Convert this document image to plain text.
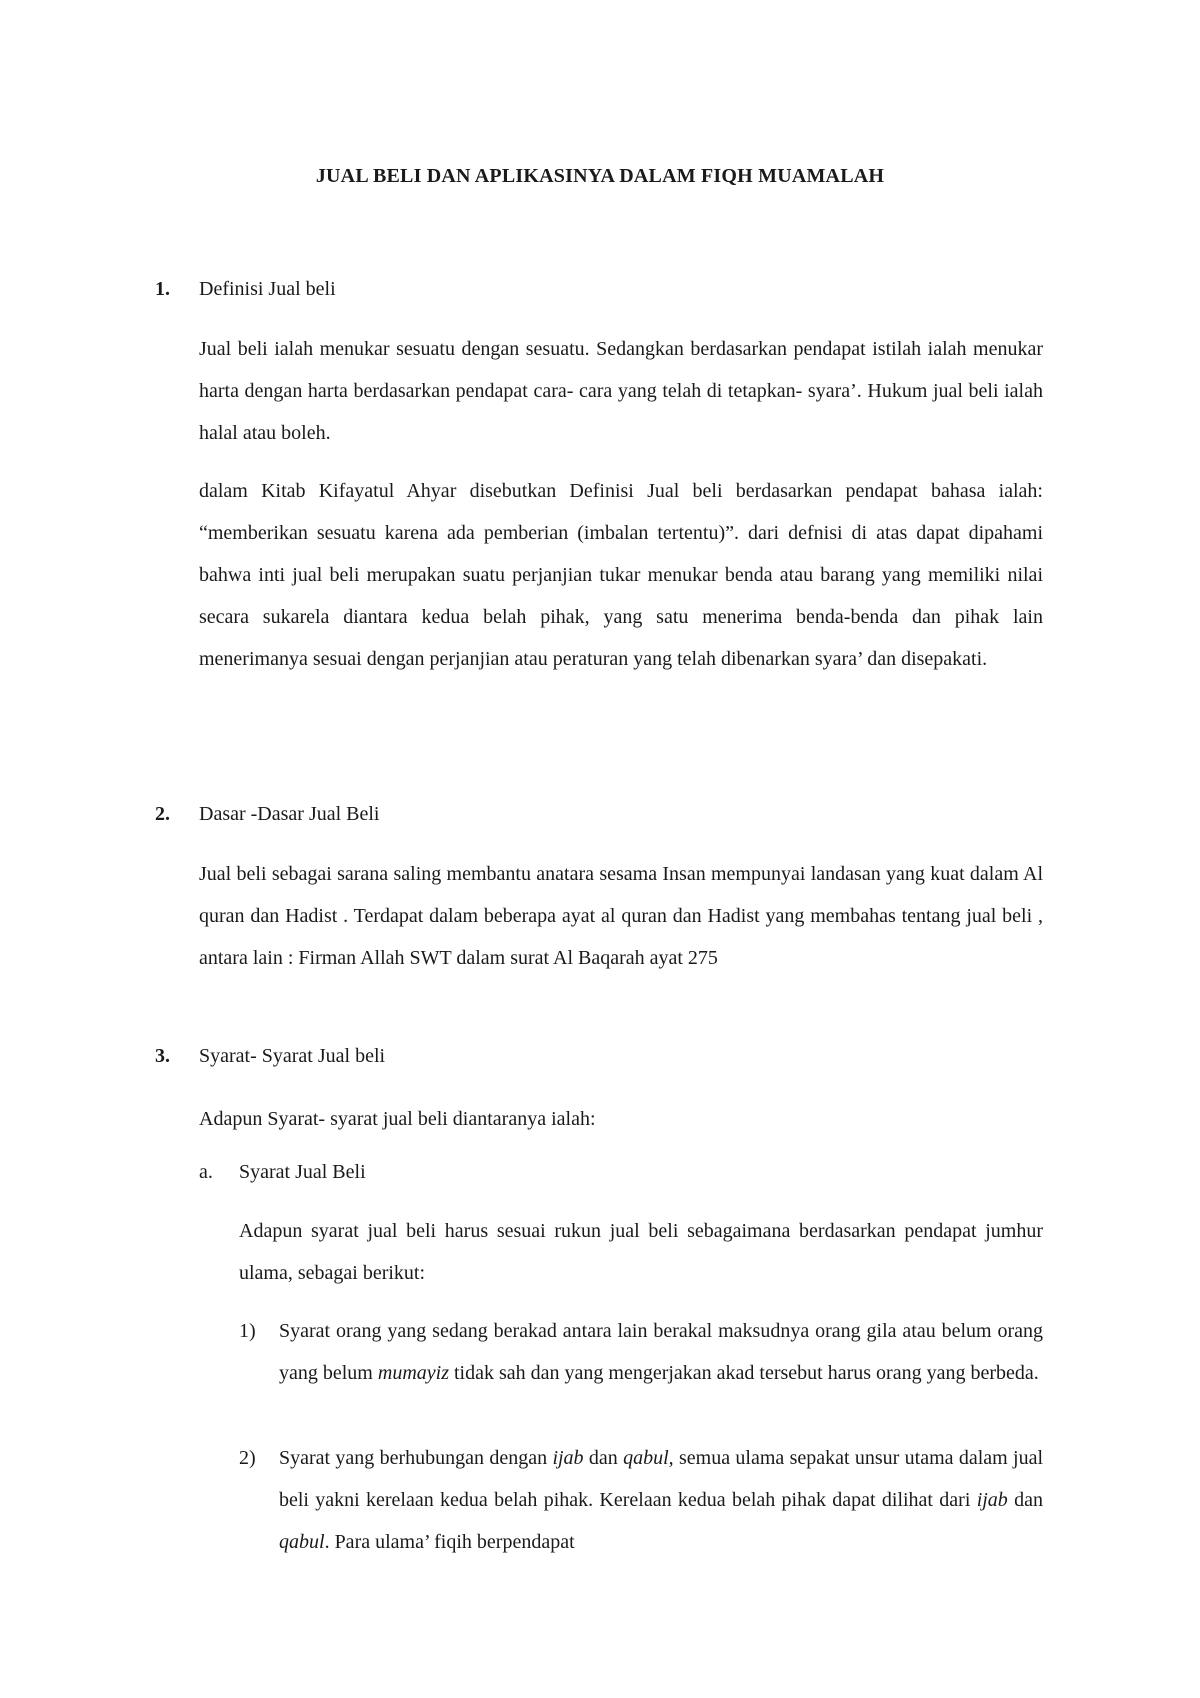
JUAL BELI DAN APLIKASINYA DALAM FIQH MUAMALAH
1. Definisi Jual beli

Jual beli ialah menukar sesuatu dengan sesuatu. Sedangkan berdasarkan pendapat istilah ialah menukar harta dengan harta berdasarkan pendapat cara- cara yang telah di tetapkan- syara’. Hukum jual beli ialah halal atau boleh.

dalam Kitab Kifayatul Ahyar disebutkan Definisi Jual beli berdasarkan pendapat bahasa ialah: “memberikan sesuatu karena ada pemberian (imbalan tertentu)”. dari defnisi di atas dapat dipahami bahwa inti jual beli merupakan suatu perjanjian tukar menukar benda atau barang yang memiliki nilai secara sukarela diantara kedua belah pihak, yang satu menerima benda-benda dan pihak lain menerimanya sesuai dengan perjanjian atau peraturan yang telah dibenarkan syara’ dan disepakati.

2. Dasar -Dasar Jual Beli

Jual beli sebagai sarana saling membantu anatara sesama Insan mempunyai landasan yang kuat dalam Al quran dan Hadist . Terdapat dalam beberapa ayat al quran dan Hadist yang membahas tentang jual beli , antara lain : Firman Allah SWT dalam surat Al Baqarah ayat 275

3. Syarat- Syarat Jual beli

Adapun Syarat- syarat jual beli diantaranya ialah:

a. Syarat Jual Beli

Adapun syarat jual beli harus sesuai rukun jual beli sebagaimana berdasarkan pendapat jumhur ulama, sebagai berikut:

1) Syarat orang yang sedang berakad antara lain berakal maksudnya orang gila atau belum orang yang belum mumayiz tidak sah dan yang mengerjakan akad tersebut harus orang yang berbeda.

2) Syarat yang berhubungan dengan ijab dan qabul, semua ulama sepakat unsur utama dalam jual beli yakni kerelaan kedua belah pihak. Kerelaan kedua belah pihak dapat dilihat dari ijab dan qabul. Para ulama’ fiqih berpendapat
